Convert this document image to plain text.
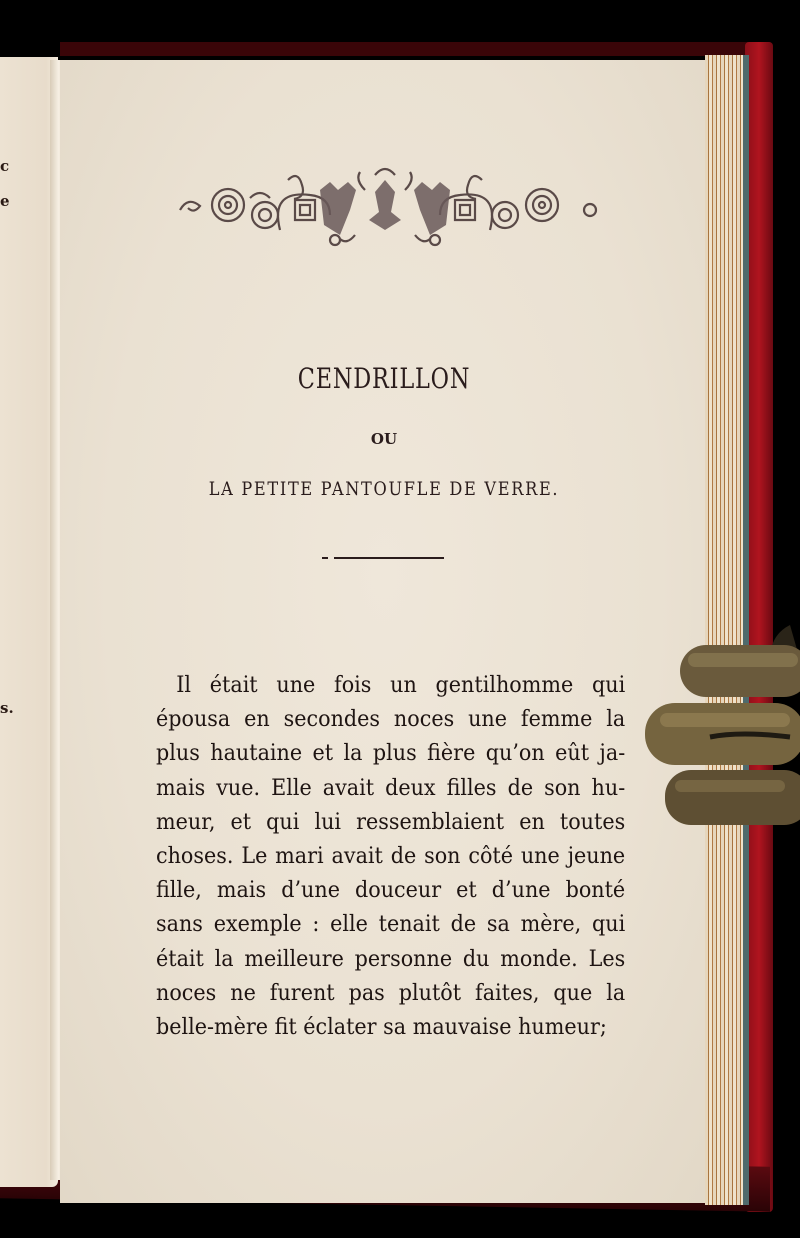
c
e
s.
CENDRILLON
OU
LA PETITE PANTOUFLE DE VERRE.
Il était une fois un gentilhomme qui
épousa en secondes noces une femme la
plus hautaine et la plus fière qu’on eût ja-
mais vue. Elle avait deux filles de son hu-
meur, et qui lui ressemblaient en toutes
choses. Le mari avait de son côté une jeune
fille, mais d’une douceur et d’une bonté
sans exemple : elle tenait de sa mère, qui
était la meilleure personne du monde. Les
noces ne furent pas plutôt faites, que la
belle-mère fit éclater sa mauvaise humeur;
